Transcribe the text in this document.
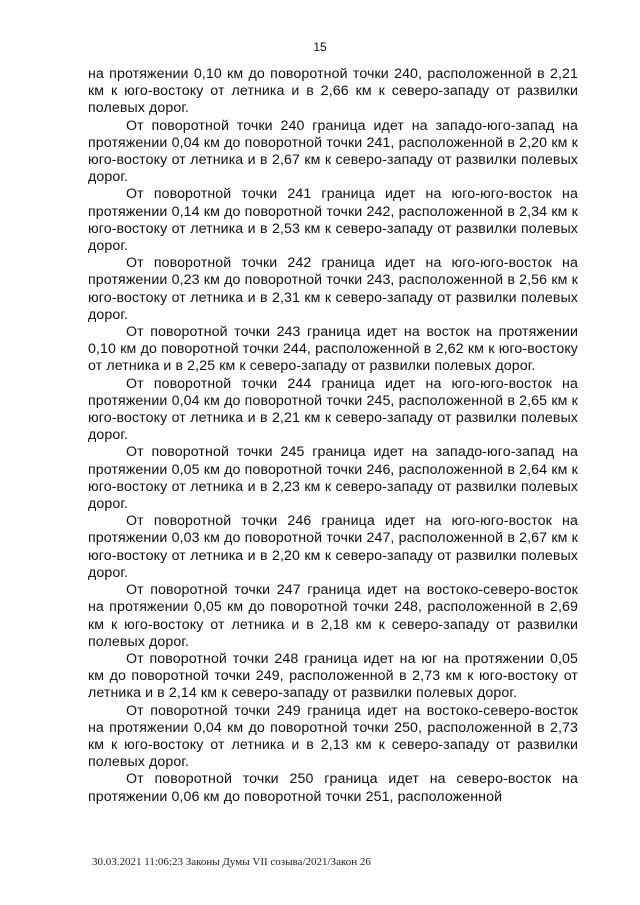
15

на протяжении 0,10 км до поворотной точки 240, расположенной в 2,21 км к юго-востоку от летника и в 2,66 км к северо-западу от развилки полевых дорог.

От поворотной точки 240 граница идет на западо-юго-запад на протяжении 0,04 км до поворотной точки 241, расположенной в 2,20 км к юго-востоку от летника и в 2,67 км к северо-западу от развилки полевых дорог.

От поворотной точки 241 граница идет на юго-юго-восток на протяжении 0,14 км до поворотной точки 242, расположенной в 2,34 км к юго-востоку от летника и в 2,53 км к северо-западу от развилки полевых дорог.

От поворотной точки 242 граница идет на юго-юго-восток на протяжении 0,23 км до поворотной точки 243, расположенной в 2,56 км к юго-востоку от летника и в 2,31 км к северо-западу от развилки полевых дорог.

От поворотной точки 243 граница идет на восток на протяжении 0,10 км до поворотной точки 244, расположенной в 2,62 км к юго-востоку от летника и в 2,25 км к северо-западу от развилки полевых дорог.

От поворотной точки 244 граница идет на юго-юго-восток на протяжении 0,04 км до поворотной точки 245, расположенной в 2,65 км к юго-востоку от летника и в 2,21 км к северо-западу от развилки полевых дорог.

От поворотной точки 245 граница идет на западо-юго-запад на протяжении 0,05 км до поворотной точки 246, расположенной в 2,64 км к юго-востоку от летника и в 2,23 км к северо-западу от развилки полевых дорог.

От поворотной точки 246 граница идет на юго-юго-восток на протяжении 0,03 км до поворотной точки 247, расположенной в 2,67 км к юго-востоку от летника и в 2,20 км к северо-западу от развилки полевых дорог.

От поворотной точки 247 граница идет на востоко-северо-восток на протяжении 0,05 км до поворотной точки 248, расположенной в 2,69 км к юго-востоку от летника и в 2,18 км к северо-западу от развилки полевых дорог.

От поворотной точки 248 граница идет на юг на протяжении 0,05 км до поворотной точки 249, расположенной в 2,73 км к юго-востоку от летника и в 2,14 км к северо-западу от развилки полевых дорог.

От поворотной точки 249 граница идет на востоко-северо-восток на протяжении 0,04 км до поворотной точки 250, расположенной в 2,73 км к юго-востоку от летника и в 2,13 км к северо-западу от развилки полевых дорог.

От поворотной точки 250 граница идет на северо-восток на протяжении 0,06 км до поворотной точки 251, расположенной

30.03.2021 11:06:23 Законы Думы VII созыва/2021/Закон 26
